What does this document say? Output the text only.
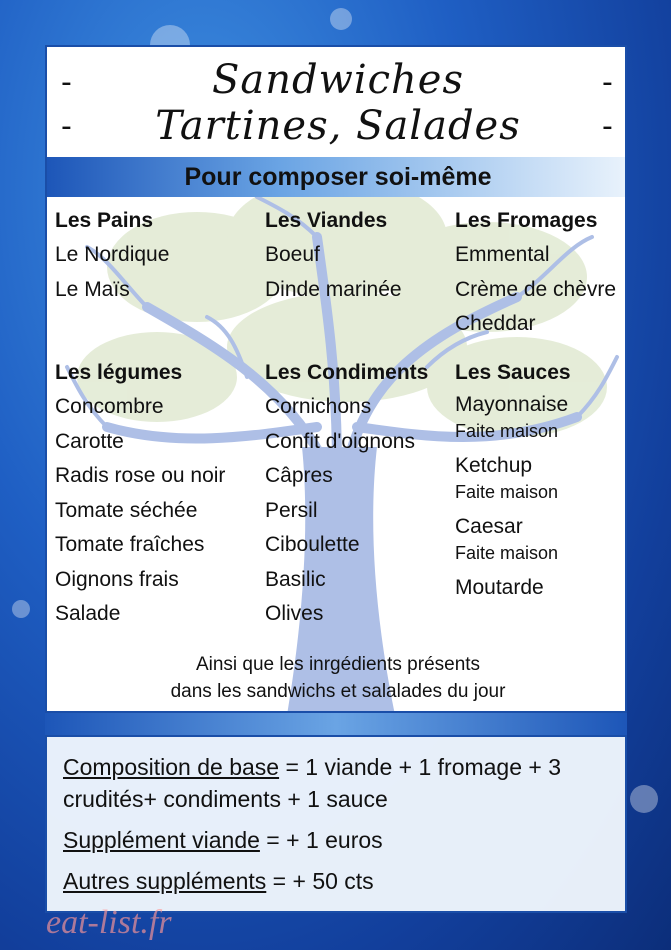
-	-
-	-
Sandwiches
Tartines, Salades
Pour composer soi-même
Les Pains
Le Nordique
Le Maïs
Les Viandes
Boeuf
Dinde marinée
Les Fromages
Emmental
Crème de chèvre
Cheddar
Les légumes
Concombre
Carotte
Radis rose ou noir
Tomate séchée
Tomate fraîches
Oignons frais
Salade
Les Condiments
Cornichons
Confit d'oignons
Câpres
Persil
Ciboulette
Basilic
Olives
Les Sauces
Mayonnaise
Faite maison
Ketchup
Faite maison
Caesar
Faite maison
Moutarde
Ainsi que les inrgédients présents
dans les sandwichs et salalades du jour
Composition de base = 1 viande + 1 fromage + 3
crudités+ condiments + 1 sauce
Supplément viande = + 1 euros
Autres suppléments = + 50 cts
eat-list.fr
